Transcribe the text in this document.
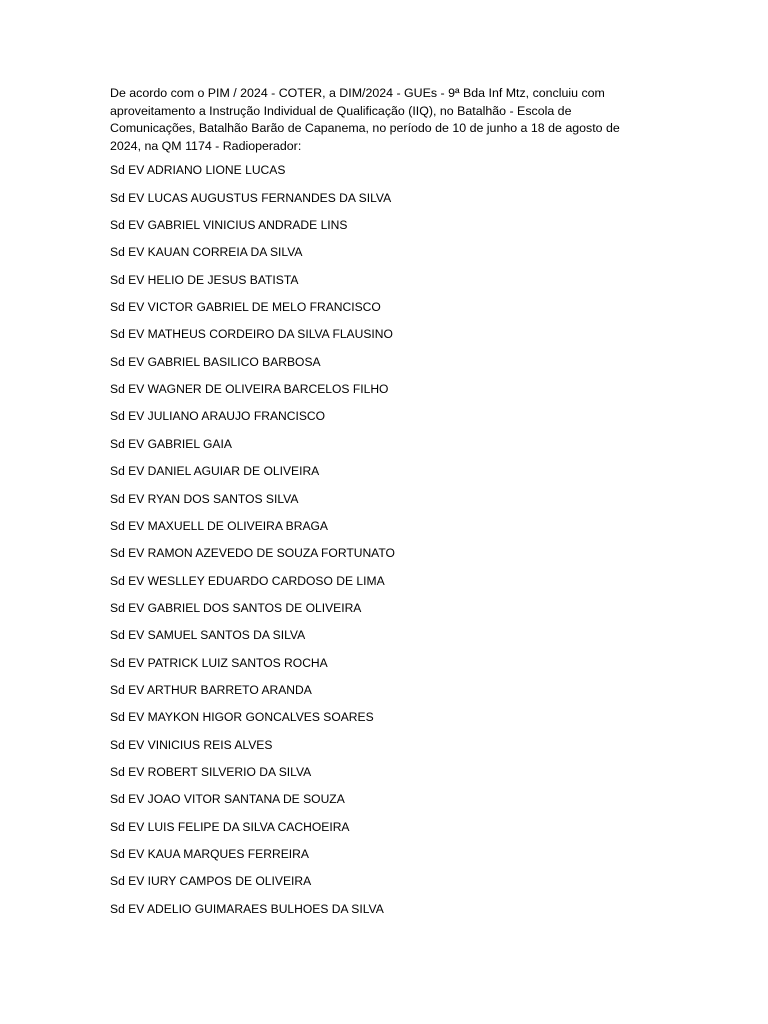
De acordo com o PIM / 2024 - COTER, a DIM/2024 - GUEs - 9ª Bda Inf Mtz, concluiu com aproveitamento a Instrução Individual de Qualificação (IIQ), no Batalhão - Escola de Comunicações, Batalhão Barão de Capanema, no período de 10 de junho a 18 de agosto de 2024, na QM 1174 - Radioperador:

Sd EV ADRIANO LIONE LUCAS
Sd EV LUCAS AUGUSTUS FERNANDES DA SILVA
Sd EV GABRIEL VINICIUS ANDRADE LINS
Sd EV KAUAN CORREIA DA SILVA
Sd EV HELIO DE JESUS BATISTA
Sd EV VICTOR GABRIEL DE MELO FRANCISCO
Sd EV MATHEUS CORDEIRO DA SILVA FLAUSINO
Sd EV GABRIEL BASILICO BARBOSA
Sd EV WAGNER DE OLIVEIRA BARCELOS FILHO
Sd EV JULIANO ARAUJO FRANCISCO
Sd EV GABRIEL GAIA
Sd EV DANIEL AGUIAR DE OLIVEIRA
Sd EV RYAN DOS SANTOS SILVA
Sd EV MAXUELL DE OLIVEIRA BRAGA
Sd EV RAMON AZEVEDO DE SOUZA FORTUNATO
Sd EV WESLLEY EDUARDO CARDOSO DE LIMA
Sd EV GABRIEL DOS SANTOS DE OLIVEIRA
Sd EV SAMUEL SANTOS DA SILVA
Sd EV PATRICK LUIZ SANTOS ROCHA
Sd EV ARTHUR BARRETO ARANDA
Sd EV MAYKON HIGOR GONCALVES SOARES
Sd EV VINICIUS REIS ALVES
Sd EV ROBERT SILVERIO DA SILVA
Sd EV JOAO VITOR SANTANA DE SOUZA
Sd EV LUIS FELIPE DA SILVA CACHOEIRA
Sd EV KAUA MARQUES FERREIRA
Sd EV IURY CAMPOS DE OLIVEIRA
Sd EV ADELIO GUIMARAES BULHOES DA SILVA
